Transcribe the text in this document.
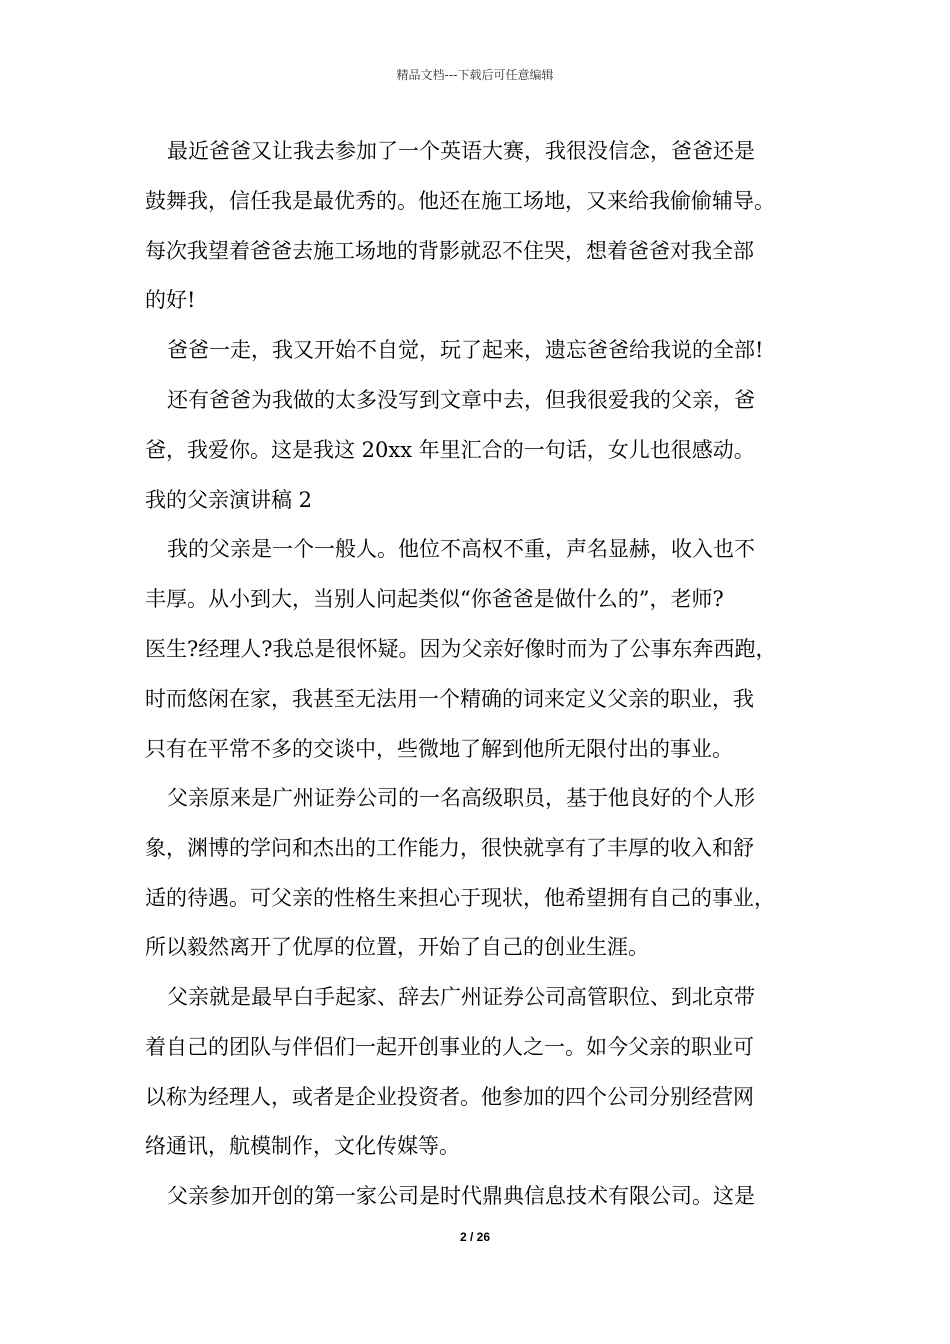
精品文档---下载后可任意编辑
最近爸爸又让我去参加了一个英语大赛，我很没信念，爸爸还是
鼓舞我，信任我是最优秀的。他还在施工场地，又来给我偷偷辅导。
每次我望着爸爸去施工场地的背影就忍不住哭，想着爸爸对我全部
的好!
爸爸一走，我又开始不自觉，玩了起来，遗忘爸爸给我说的全部!
还有爸爸为我做的太多没写到文章中去，但我很爱我的父亲，爸
爸，我爱你。这是我这 20xx 年里汇合的一句话，女儿也很感动。
我的父亲演讲稿 2
我的父亲是一个一般人。他位不高权不重，声名显赫，收入也不
丰厚。从小到大，当别人问起类似“你爸爸是做什么的”，老师?
医生?经理人?我总是很怀疑。因为父亲好像时而为了公事东奔西跑，
时而悠闲在家，我甚至无法用一个精确的词来定义父亲的职业，我
只有在平常不多的交谈中，些微地了解到他所无限付出的事业。
父亲原来是广州证券公司的一名高级职员，基于他良好的个人形
象，渊博的学问和杰出的工作能力，很快就享有了丰厚的收入和舒
适的待遇。可父亲的性格生来担心于现状，他希望拥有自己的事业，
所以毅然离开了优厚的位置，开始了自己的创业生涯。
父亲就是最早白手起家、辞去广州证券公司高管职位、到北京带
着自己的团队与伴侣们一起开创事业的人之一。如今父亲的职业可
以称为经理人，或者是企业投资者。他参加的四个公司分别经营网
络通讯，航模制作，文化传媒等。
父亲参加开创的第一家公司是时代鼎典信息技术有限公司。这是
2 / 26
